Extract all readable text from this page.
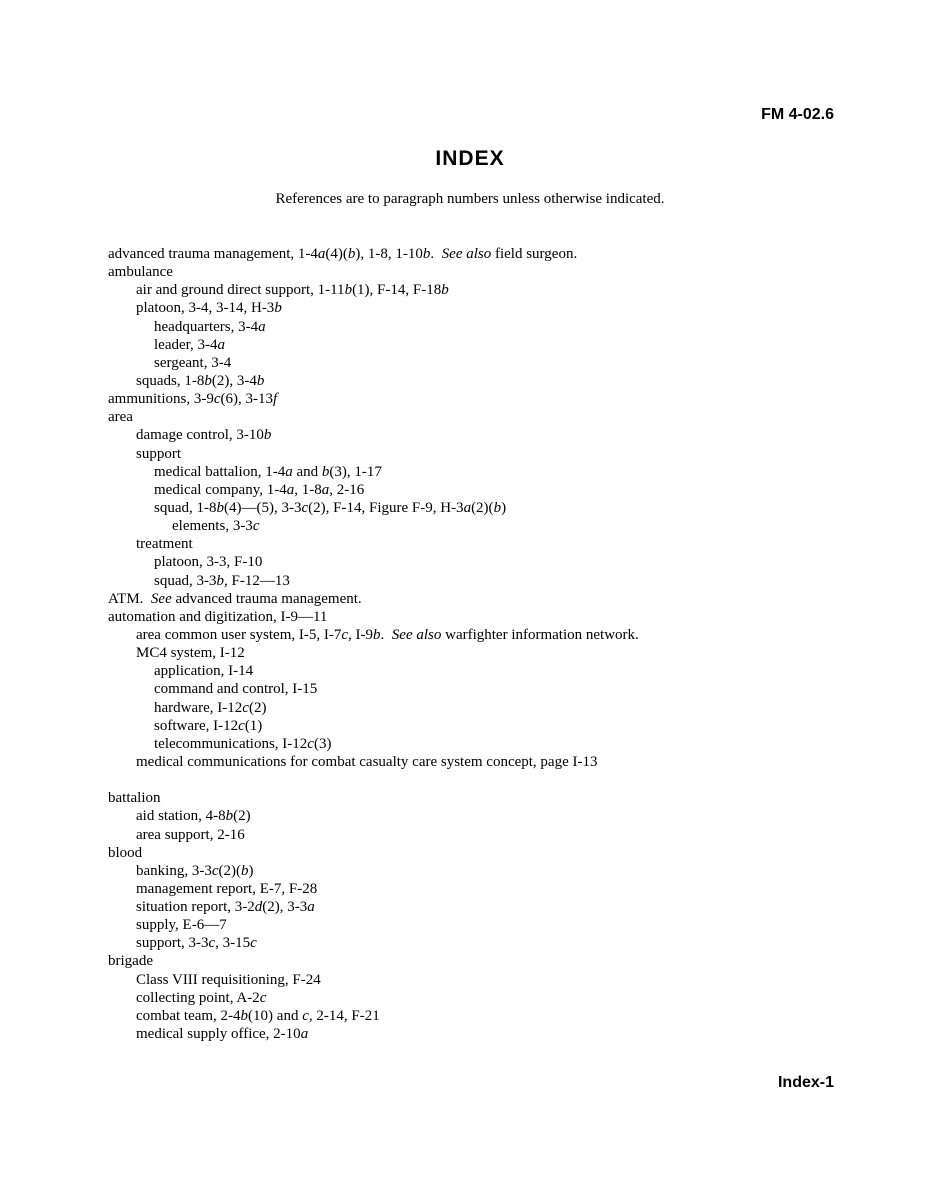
FM 4-02.6
INDEX
References are to paragraph numbers unless otherwise indicated.
advanced trauma management, 1-4a(4)(b), 1-8, 1-10b.  See also field surgeon.
ambulance
air and ground direct support, 1-11b(1), F-14, F-18b
platoon, 3-4, 3-14, H-3b
headquarters, 3-4a
leader, 3-4a
sergeant, 3-4
squads, 1-8b(2), 3-4b
ammunitions, 3-9c(6), 3-13f
area
damage control, 3-10b
support
medical battalion, 1-4a and b(3), 1-17
medical company, 1-4a, 1-8a, 2-16
squad, 1-8b(4)—(5), 3-3c(2), F-14, Figure F-9, H-3a(2)(b)
elements, 3-3c
treatment
platoon, 3-3, F-10
squad, 3-3b, F-12—13
ATM.  See advanced trauma management.
automation and digitization, I-9—11
area common user system, I-5, I-7c, I-9b.  See also warfighter information network.
MC4 system, I-12
application, I-14
command and control, I-15
hardware, I-12c(2)
software, I-12c(1)
telecommunications, I-12c(3)
medical communications for combat casualty care system concept, page I-13
battalion
aid station, 4-8b(2)
area support, 2-16
blood
banking, 3-3c(2)(b)
management report, E-7, F-28
situation report, 3-2d(2), 3-3a
supply, E-6—7
support, 3-3c, 3-15c
brigade
Class VIII requisitioning, F-24
collecting point, A-2c
combat team, 2-4b(10) and c, 2-14, F-21
medical supply office, 2-10a
Index-1
